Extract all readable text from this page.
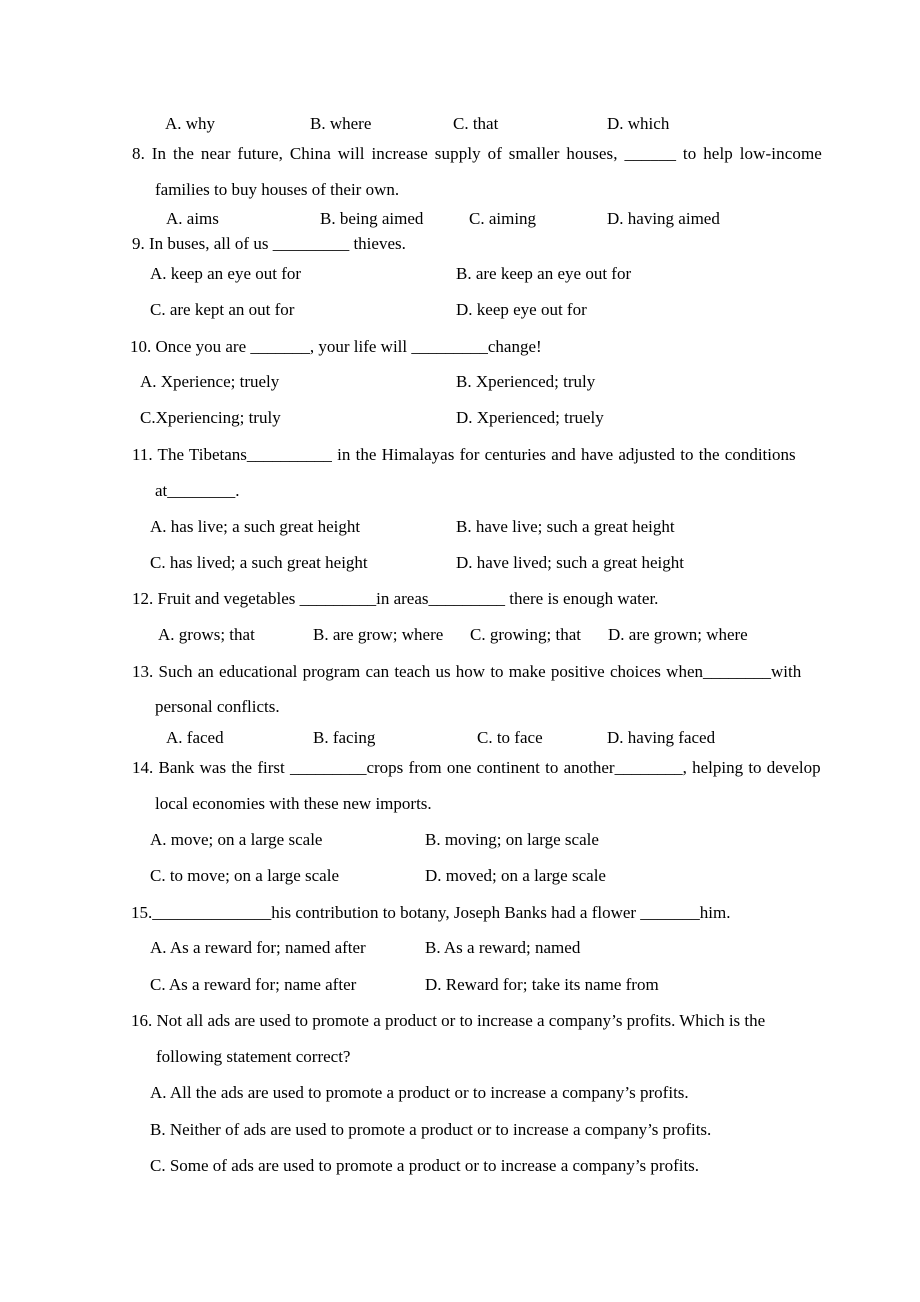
A. why	B. where	C. that	D. which
8. In the near future, China will increase supply of smaller houses, ______ to help low-income
families to buy houses of their own.
A. aims	B. being aimed	C. aiming	D. having aimed
9. In buses, all of us _________ thieves.
A. keep an eye out for	B. are keep an eye out for
C. are kept an out for	D. keep eye out for
10. Once you are _______, your life will _________change!
A. Xperience; truely	B. Xperienced; truly
C.Xperiencing; truly	D. Xperienced; truely
11. The Tibetans__________ in the Himalayas for centuries and have adjusted to the conditions
at________.
A. has live; a such great height	B. have live; such a great height
C. has lived; a such great height	D. have lived; such a great height
12. Fruit and vegetables _________in areas_________ there is enough water.
A. grows; that	B. are grow; where C. growing; that D. are grown; where
13. Such an educational program can teach us how to make positive choices when________with
personal conflicts.
A. faced	B. facing	C. to face	D. having faced
14. Bank was the first _________crops from one continent to another________, helping to develop
local economies with these new imports.
A. move; on a large scale	B. moving; on large scale
C. to move; on a large scale	D. moved; on a large scale
15.______________his contribution to botany, Joseph Banks had a flower _______him.
A. As a reward for; named after	B. As a reward; named
C. As a reward for; name after	D. Reward for; take its name from
16. Not all ads are used to promote a product or to increase a company’s profits. Which is the
following statement correct?
A. All the ads are used to promote a product or to increase a company’s profits.
B. Neither of ads are used to promote a product or to increase a company’s profits.
C. Some of ads are used to promote a product or to increase a company’s profits.
